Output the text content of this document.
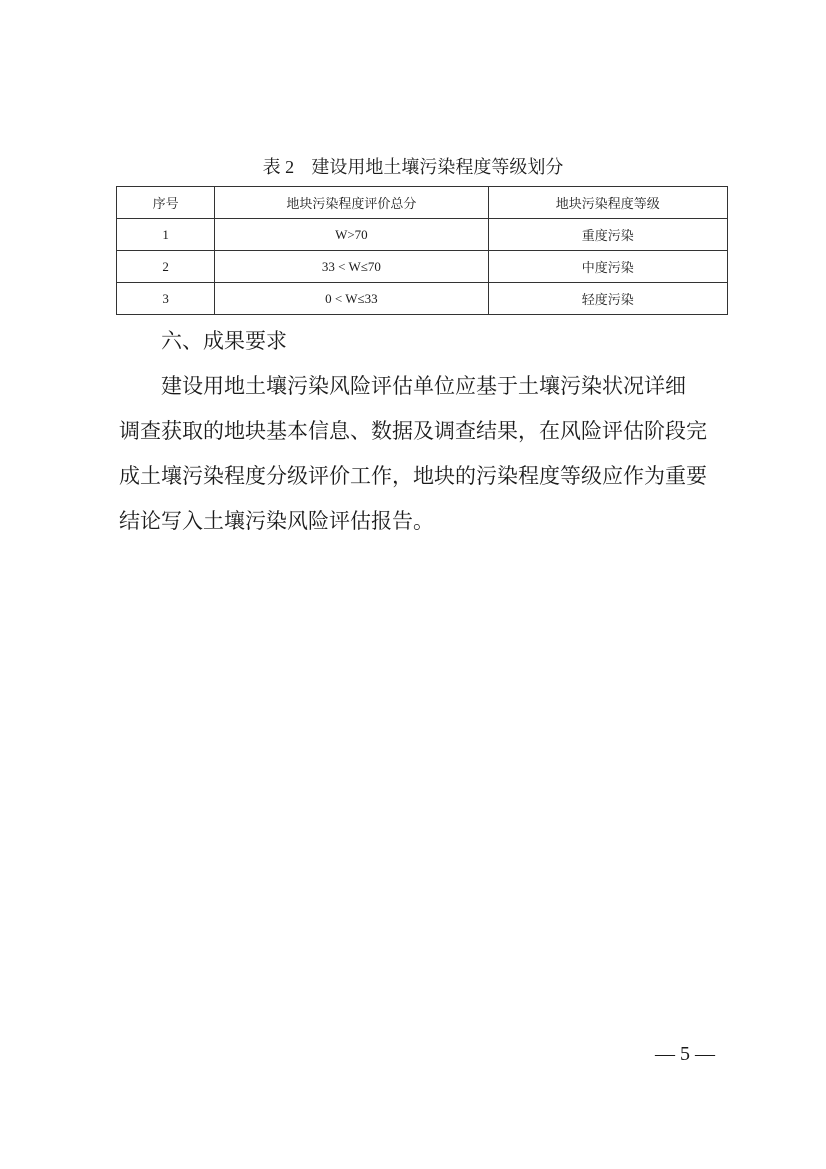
表 2 建设用地土壤污染程度等级划分
序号	地块污染程度评价总分	地块污染程度等级
1	W>70	重度污染
2	33 < W≤70	中度污染
3	0 < W≤33	轻度污染
六、成果要求
建设用地土壤污染风险评估单位应基于土壤污染状况详细
调查获取的地块基本信息、数据及调查结果，在风险评估阶段完
成土壤污染程度分级评价工作，地块的污染程度等级应作为重要
结论写入土壤污染风险评估报告。
— 5 —
